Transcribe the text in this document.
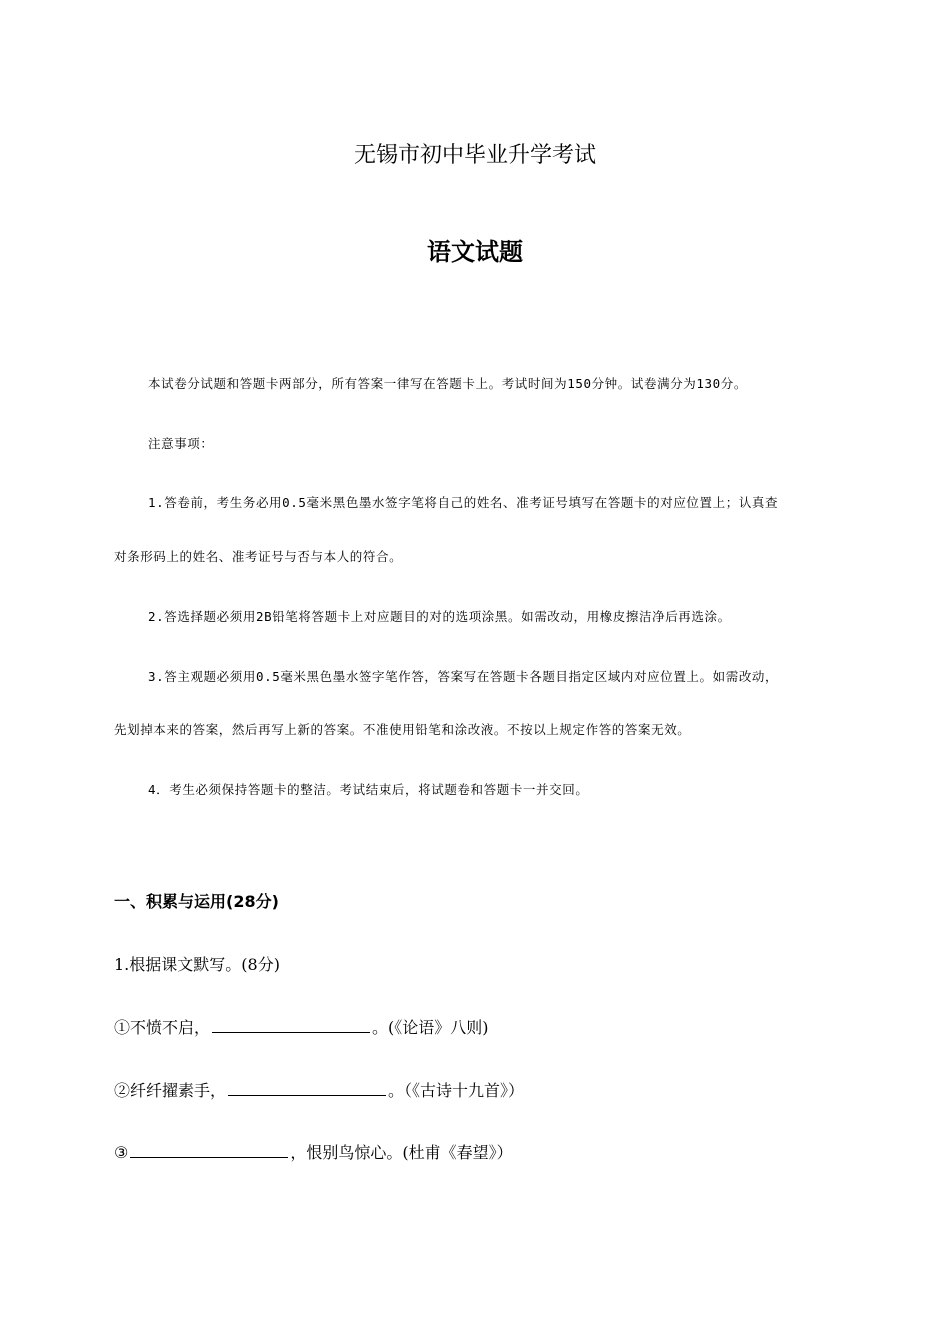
无锡市初中毕业升学考试
语文试题
本试卷分试题和答题卡两部分，所有答案一律写在答题卡上。考试时间为150分钟。试卷满分为130分。
注意事项：
1.答卷前，考生务必用0.5毫米黑色墨水签字笔将自己的姓名、准考证号填写在答题卡的对应位置上；认真查
对条形码上的姓名、准考证号与否与本人的符合。
2.答选择题必须用2B铅笔将答题卡上对应题目的对的选项涂黑。如需改动，用橡皮擦洁净后再选涂。
3.答主观题必须用0.5毫米黑色墨水签字笔作答，答案写在答题卡各题目指定区域内对应位置上。如需改动，
先划掉本来的答案，然后再写上新的答案。不准使用铅笔和涂改液。不按以上规定作答的答案无效。
4．考生必须保持答题卡的整洁。考试结束后，将试题卷和答题卡一并交回。
一、积累与运用(28分)
1.根据课文默写。(8分)
①不愤不启，	。(《论语》八则)
②纤纤擢素手，	。（《古诗十九首》）
③	，恨别鸟惊心。(杜甫《春望》）
